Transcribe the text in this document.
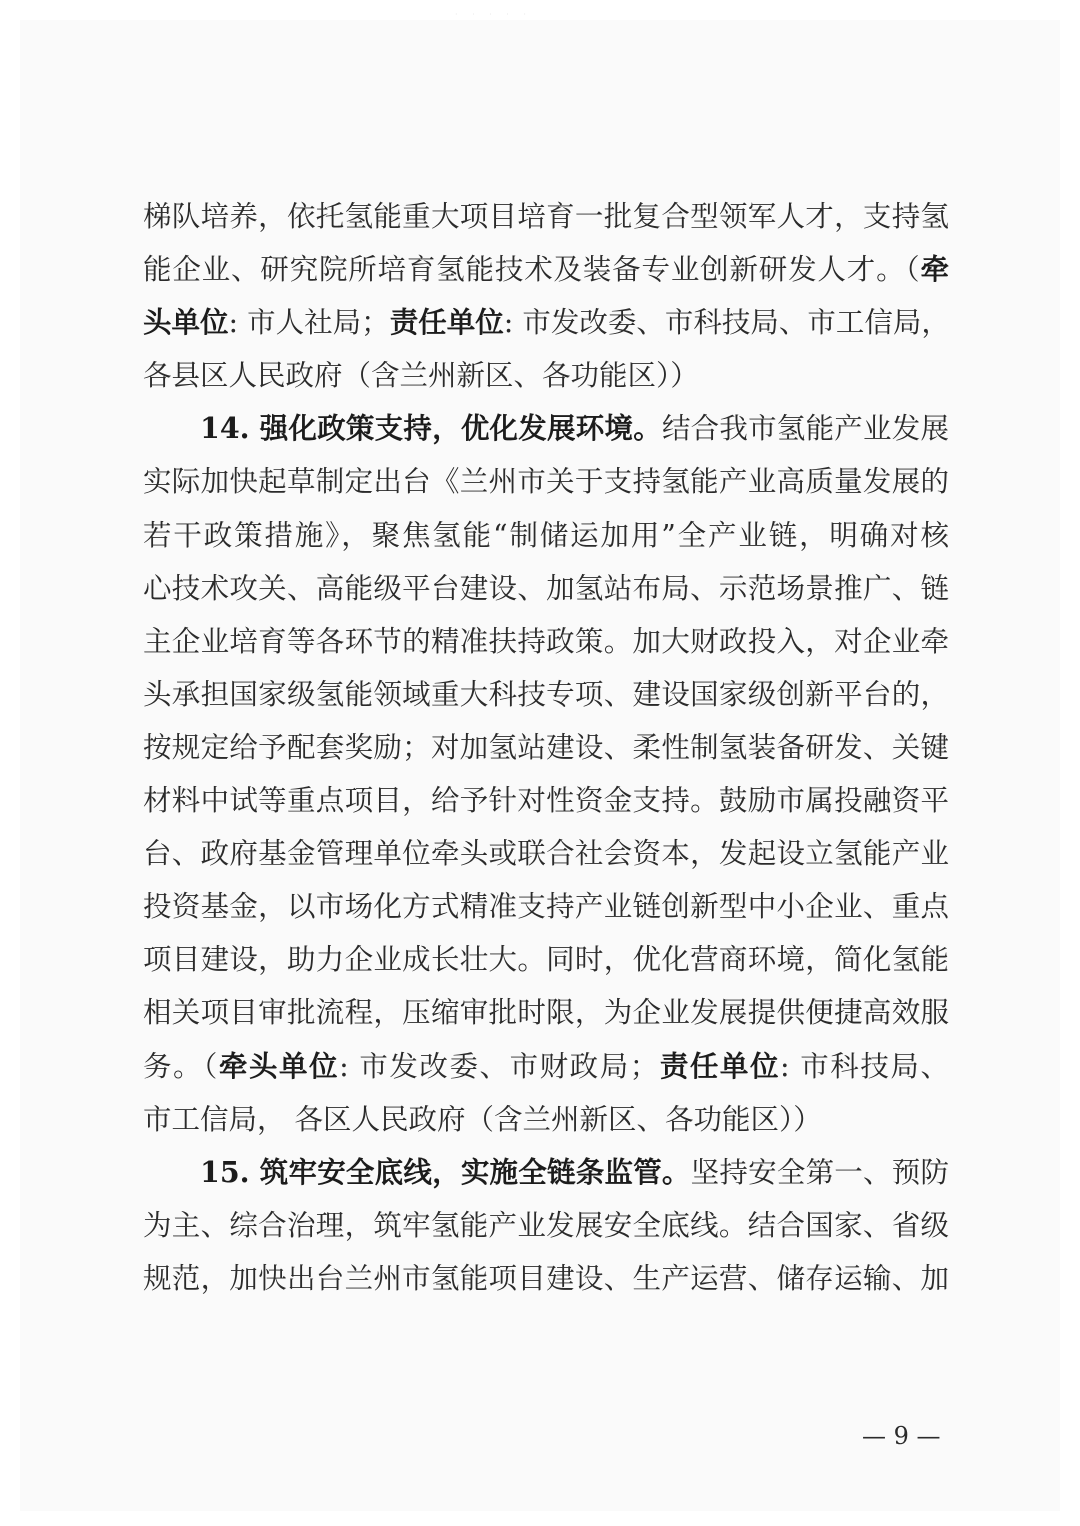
· · · · ·
梯队培养，依托氢能重大项目培育一批复合型领军人才，支持氢
能企业、研究院所培育氢能技术及装备专业创新研发人才。（牵
头单位: 市人社局；责任单位: 市发改委、市科技局、市工信局，
各县区人民政府（含兰州新区、各功能区））
14. 强化政策支持，优化发展环境。结合我市氢能产业发展
实际加快起草制定出台《兰州市关于支持氢能产业高质量发展的
若干政策措施》，聚焦氢能“制储运加用”全产业链，明确对核
心技术攻关、高能级平台建设、加氢站布局、示范场景推广、链
主企业培育等各环节的精准扶持政策。加大财政投入，对企业牵
头承担国家级氢能领域重大科技专项、建设国家级创新平台的，
按规定给予配套奖励；对加氢站建设、柔性制氢装备研发、关键
材料中试等重点项目，给予针对性资金支持。鼓励市属投融资平
台、政府基金管理单位牵头或联合社会资本，发起设立氢能产业
投资基金，以市场化方式精准支持产业链创新型中小企业、重点
项目建设，助力企业成长壮大。同时，优化营商环境，简化氢能
相关项目审批流程，压缩审批时限，为企业发展提供便捷高效服
务。（牵头单位: 市发改委、市财政局；责任单位: 市科技局、
市工信局， 各区人民政府（含兰州新区、各功能区））
15. 筑牢安全底线，实施全链条监管。坚持安全第一、预防
为主、综合治理，筑牢氢能产业发展安全底线。结合国家、省级
规范，加快出台兰州市氢能项目建设、生产运营、储存运输、加
— 9 —
